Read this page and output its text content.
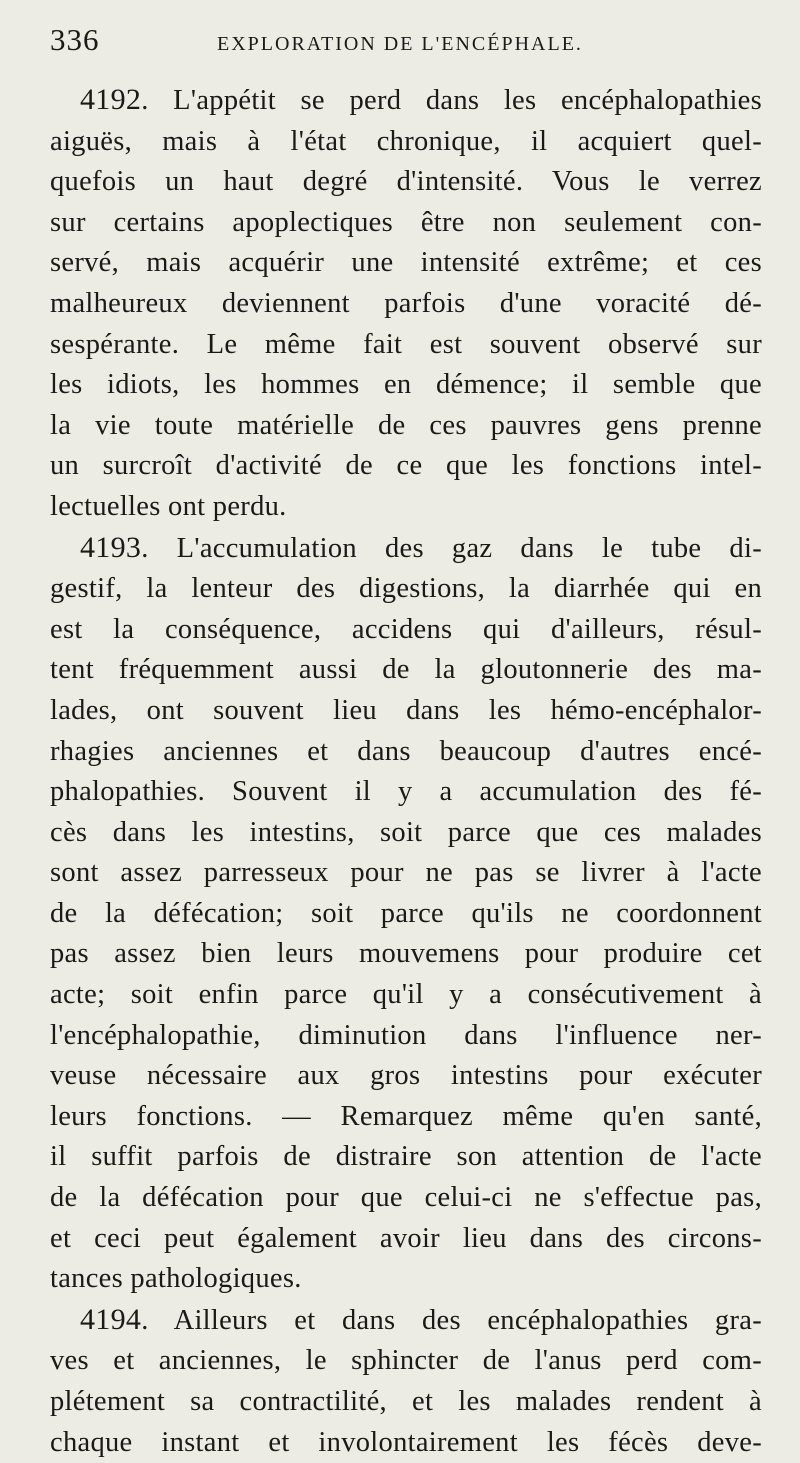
336	EXPLORATION DE L'ENCÉPHALE.
4192. L'appétit se perd dans les encéphalopathies
aiguës, mais à l'état chronique, il acquiert quel-
quefois un haut degré d'intensité. Vous le verrez
sur certains apoplectiques être non seulement con-
servé, mais acquérir une intensité extrême; et ces
malheureux deviennent parfois d'une voracité dé-
sespérante. Le même fait est souvent observé sur
les idiots, les hommes en démence; il semble que
la vie toute matérielle de ces pauvres gens prenne
un surcroît d'activité de ce que les fonctions intel-
lectuelles ont perdu.
4193. L'accumulation des gaz dans le tube di-
gestif, la lenteur des digestions, la diarrhée qui en
est la conséquence, accidens qui d'ailleurs, résul-
tent fréquemment aussi de la gloutonnerie des ma-
lades, ont souvent lieu dans les hémo-encéphalor-
rhagies anciennes et dans beaucoup d'autres encé-
phalopathies. Souvent il y a accumulation des fé-
cès dans les intestins, soit parce que ces malades
sont assez parresseux pour ne pas se livrer à l'acte
de la défécation; soit parce qu'ils ne coordonnent
pas assez bien leurs mouvemens pour produire cet
acte; soit enfin parce qu'il y a consécutivement à
l'encéphalopathie, diminution dans l'influence ner-
veuse nécessaire aux gros intestins pour exécuter
leurs fonctions. — Remarquez même qu'en santé,
il suffit parfois de distraire son attention de l'acte
de la défécation pour que celui-ci ne s'effectue pas,
et ceci peut également avoir lieu dans des circons-
tances pathologiques.
4194. Ailleurs et dans des encéphalopathies gra-
ves et anciennes, le sphincter de l'anus perd com-
plétement sa contractilité, et les malades rendent à
chaque instant et involontairement les fécès deve-
